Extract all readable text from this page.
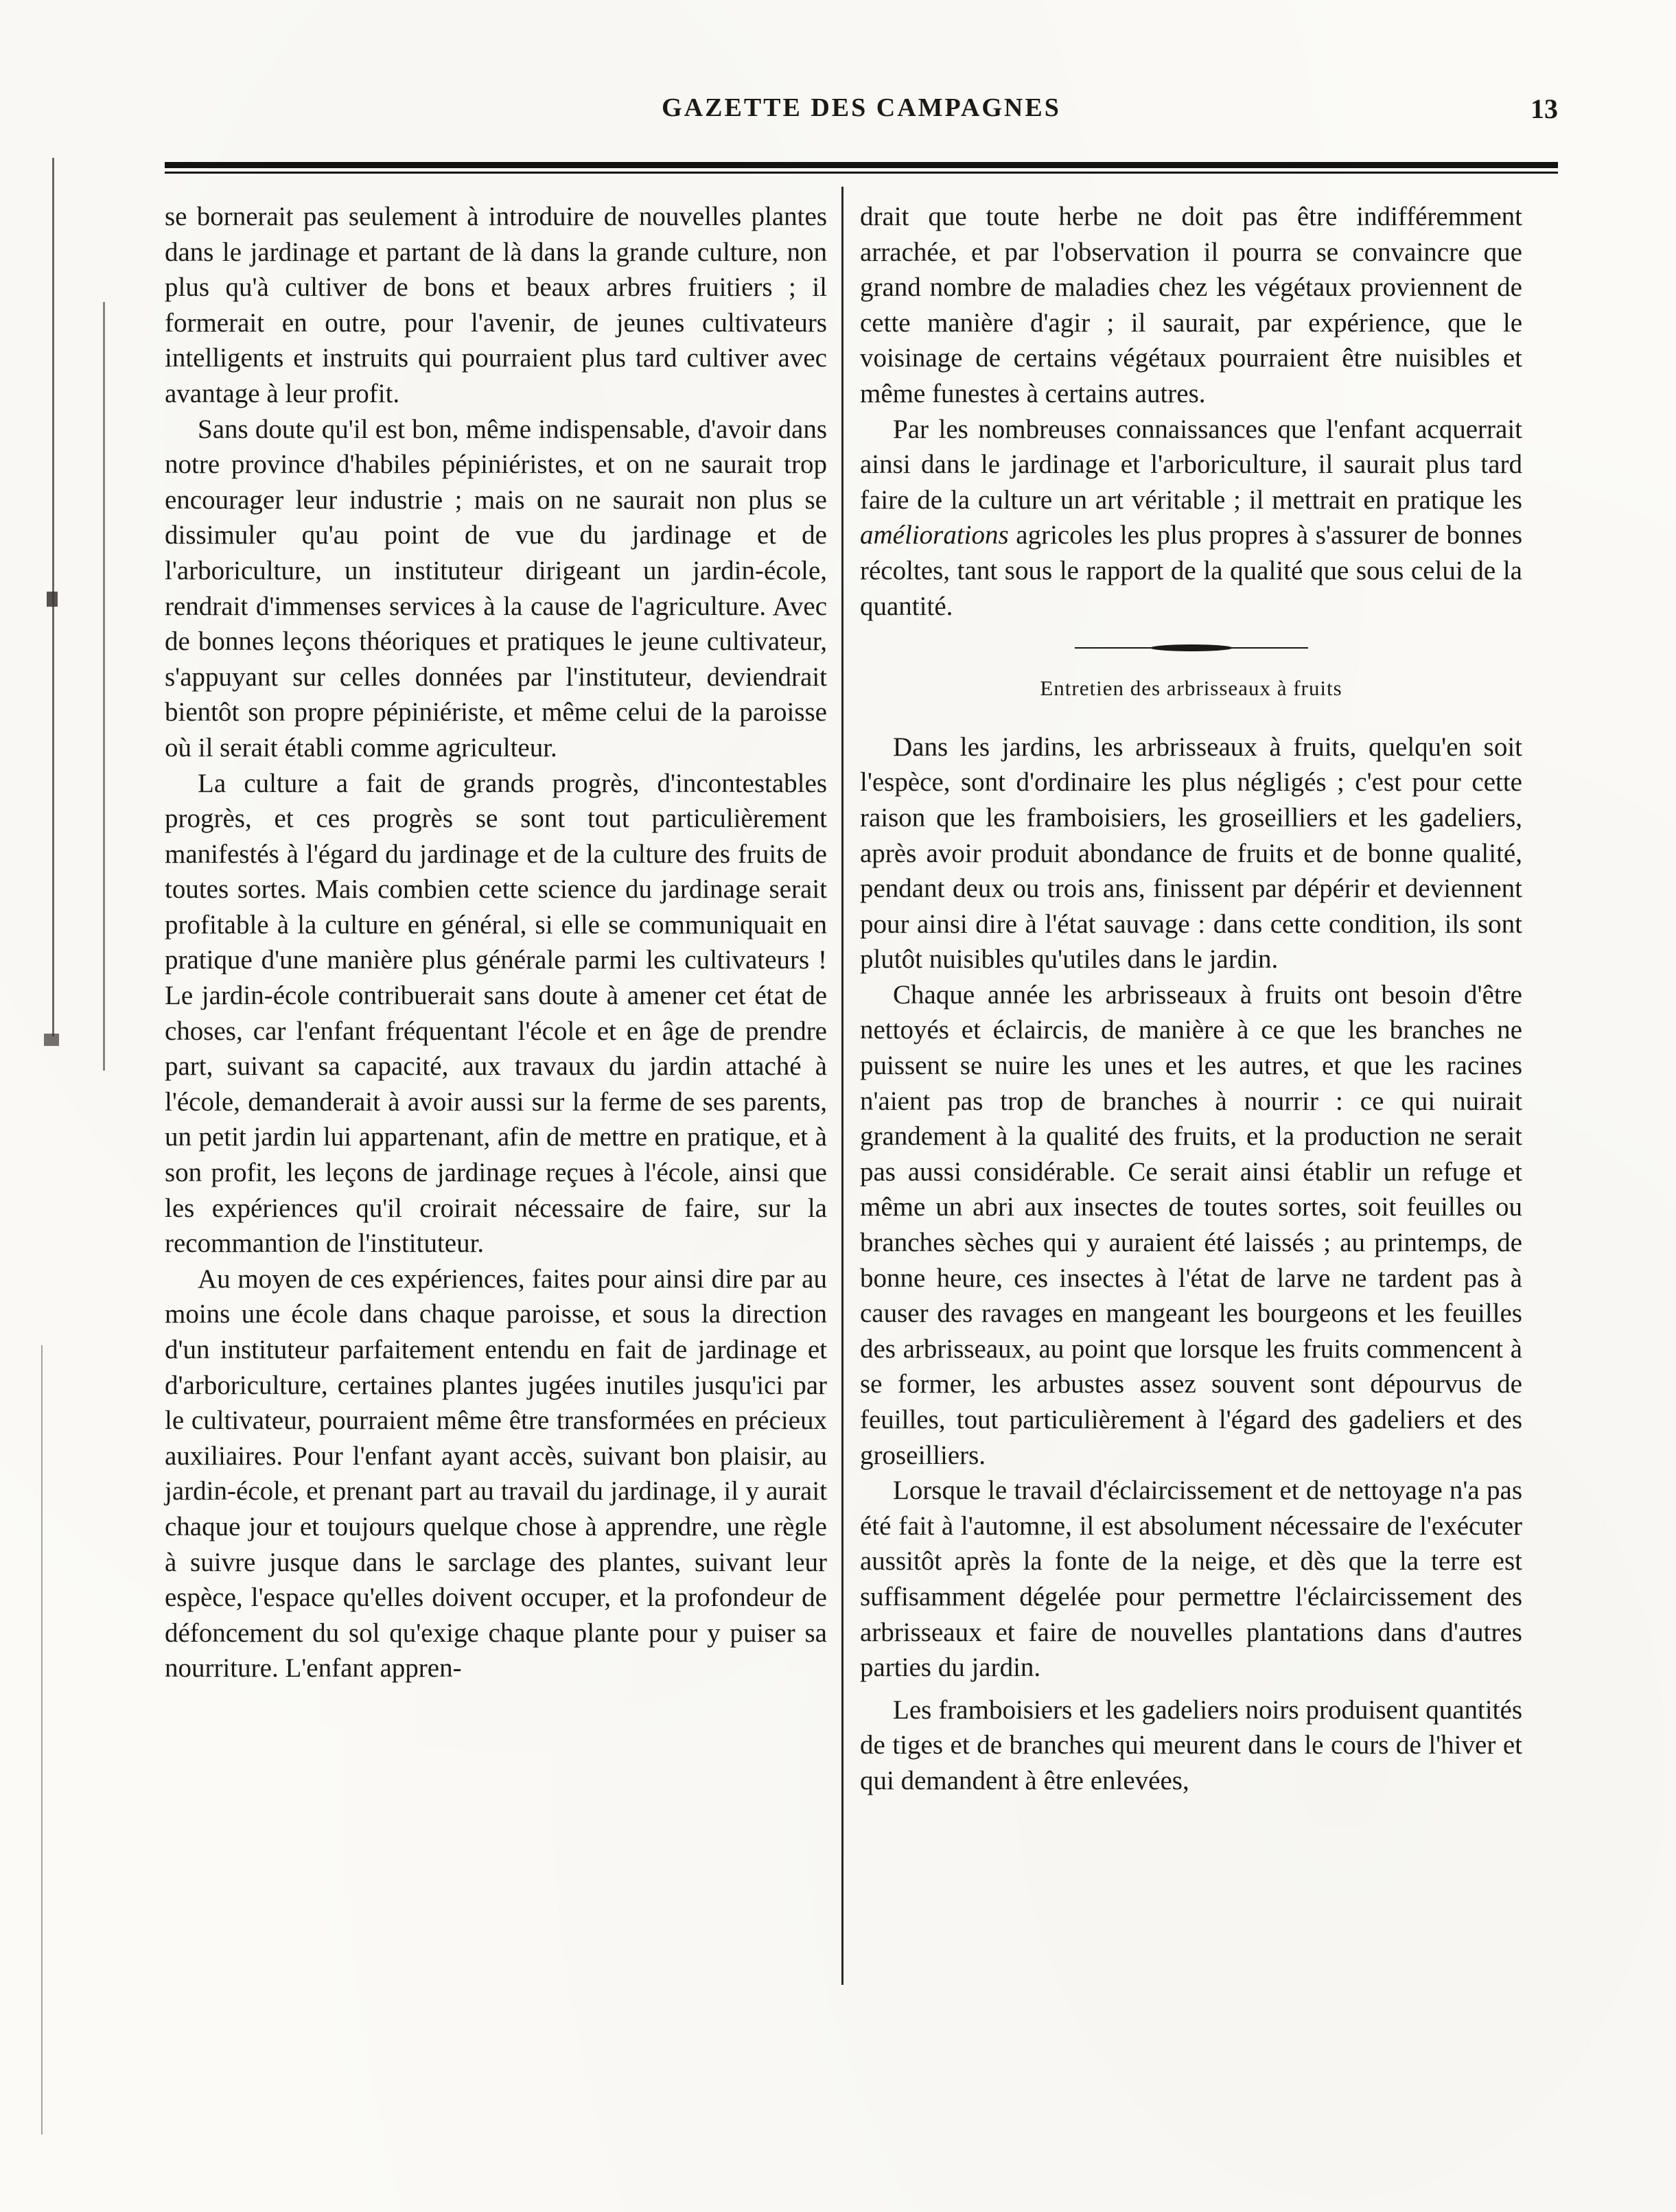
GAZETTE DES CAMPAGNES	13

se bornerait pas seulement à introduire de nouvelles plantes dans le jardinage et partant de là dans la grande culture, non plus qu'à cultiver de bons et beaux arbres fruitiers ; il formerait en outre, pour l'avenir, de jeunes cultivateurs intelligents et instruits qui pourraient plus tard cultiver avec avantage à leur profit.

Sans doute qu'il est bon, même indispensable, d'avoir dans notre province d'habiles pépiniéristes, et on ne saurait trop encourager leur industrie ; mais on ne saurait non plus se dissimuler qu'au point de vue du jardinage et de l'arboriculture, un instituteur dirigeant un jardin-école, rendrait d'immenses services à la cause de l'agriculture. Avec de bonnes leçons théoriques et pratiques le jeune cultivateur, s'appuyant sur celles données par l'instituteur, deviendrait bientôt son propre pépiniériste, et même celui de la paroisse où il serait établi comme agriculteur.

La culture a fait de grands progrès, d'incontestables progrès, et ces progrès se sont tout particulièrement manifestés à l'égard du jardinage et de la culture des fruits de toutes sortes. Mais combien cette science du jardinage serait profitable à la culture en général, si elle se communiquait en pratique d'une manière plus générale parmi les cultivateurs ! Le jardin-école contribuerait sans doute à amener cet état de choses, car l'enfant fréquentant l'école et en âge de prendre part, suivant sa capacité, aux travaux du jardin attaché à l'école, demanderait à avoir aussi sur la ferme de ses parents, un petit jardin lui appartenant, afin de mettre en pratique, et à son profit, les leçons de jardinage reçues à l'école, ainsi que les expériences qu'il croirait nécessaire de faire, sur la recommantion de l'instituteur.

Au moyen de ces expériences, faites pour ainsi dire par au moins une école dans chaque paroisse, et sous la direction d'un instituteur parfaitement entendu en fait de jardinage et d'arboriculture, certaines plantes jugées inutiles jusqu'ici par le cultivateur, pourraient même être transformées en précieux auxiliaires. Pour l'enfant ayant accès, suivant bon plaisir, au jardin-école, et prenant part au travail du jardinage, il y aurait chaque jour et toujours quelque chose à apprendre, une règle à suivre jusque dans le sarclage des plantes, suivant leur espèce, l'espace qu'elles doivent occuper, et la profondeur de défoncement du sol qu'exige chaque plante pour y puiser sa nourriture. L'enfant appren-

drait que toute herbe ne doit pas être indifféremment arrachée, et par l'observation il pourra se convaincre que grand nombre de maladies chez les végétaux proviennent de cette manière d'agir ; il saurait, par expérience, que le voisinage de certains végétaux pourraient être nuisibles et même funestes à certains autres.

Par les nombreuses connaissances que l'enfant acquerrait ainsi dans le jardinage et l'arboriculture, il saurait plus tard faire de la culture un art véritable ; il mettrait en pratique les améliorations agricoles les plus propres à s'assurer de bonnes récoltes, tant sous le rapport de la qualité que sous celui de la quantité.

Entretien des arbrisseaux à fruits

Dans les jardins, les arbrisseaux à fruits, quelqu'en soit l'espèce, sont d'ordinaire les plus négligés ; c'est pour cette raison que les framboisiers, les groseilliers et les gadeliers, après avoir produit abondance de fruits et de bonne qualité, pendant deux ou trois ans, finissent par dépérir et deviennent pour ainsi dire à l'état sauvage : dans cette condition, ils sont plutôt nuisibles qu'utiles dans le jardin.

Chaque année les arbrisseaux à fruits ont besoin d'être nettoyés et éclaircis, de manière à ce que les branches ne puissent se nuire les unes et les autres, et que les racines n'aient pas trop de branches à nourrir : ce qui nuirait grandement à la qualité des fruits, et la production ne serait pas aussi considérable. Ce serait ainsi établir un refuge et même un abri aux insectes de toutes sortes, soit feuilles ou branches sèches qui y auraient été laissés ; au printemps, de bonne heure, ces insectes à l'état de larve ne tardent pas à causer des ravages en mangeant les bourgeons et les feuilles des arbrisseaux, au point que lorsque les fruits commencent à se former, les arbustes assez souvent sont dépourvus de feuilles, tout particulièrement à l'égard des gadeliers et des groseilliers.

Lorsque le travail d'éclaircissement et de nettoyage n'a pas été fait à l'automne, il est absolument nécessaire de l'exécuter aussitôt après la fonte de la neige, et dès que la terre est suffisamment dégelée pour permettre l'éclaircissement des arbrisseaux et faire de nouvelles plantations dans d'autres parties du jardin.

Les framboisiers et les gadeliers noirs produisent quantités de tiges et de branches qui meurent dans le cours de l'hiver et qui demandent à être enlevées,
